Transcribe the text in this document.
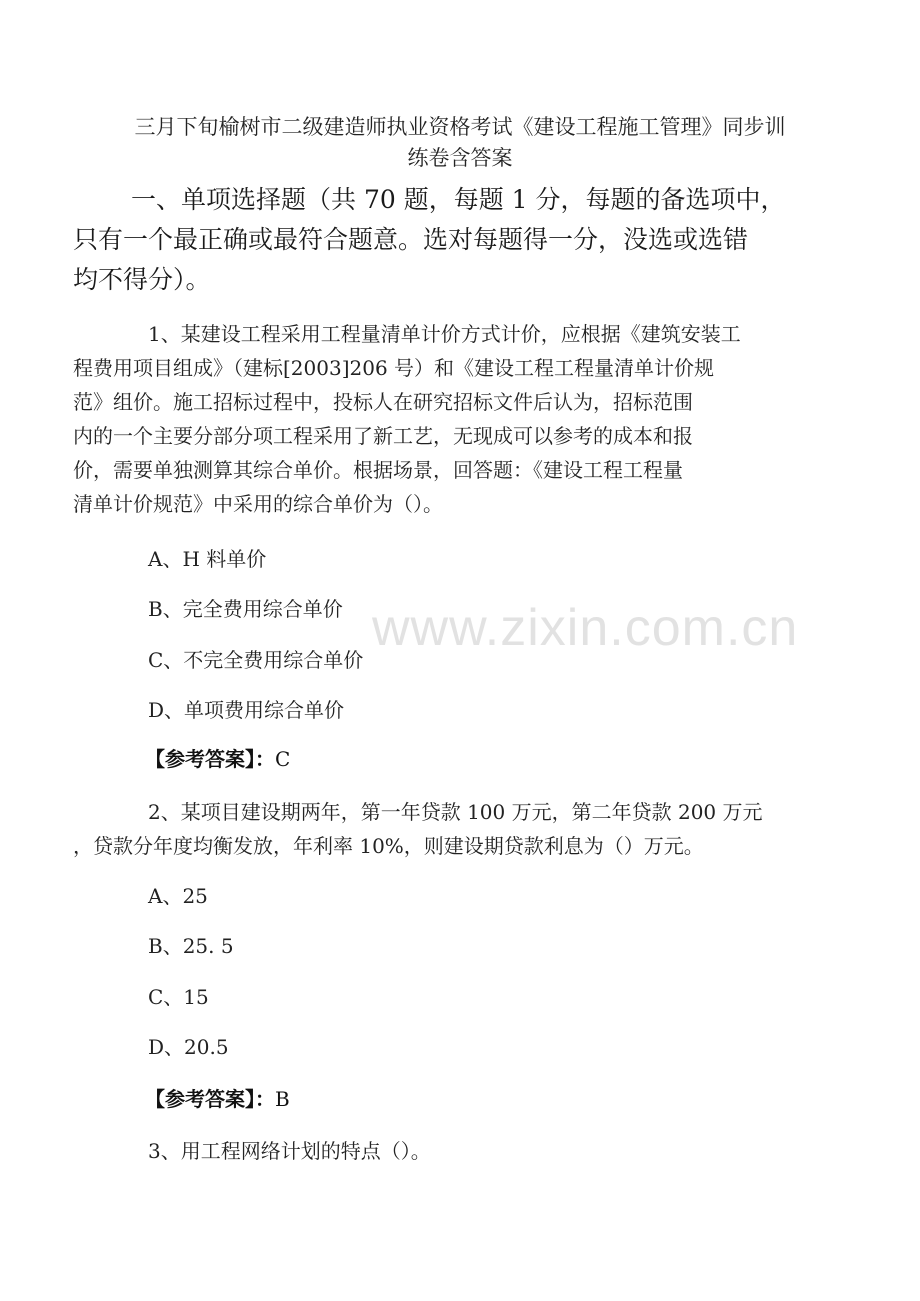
三月下旬榆树市二级建造师执业资格考试《建设工程施工管理》同步训
练卷含答案
一、单项选择题（共 70 题，每题 1 分，每题的备选项中，
只有一个最正确或最符合题意。选对每题得一分，没选或选错
均不得分）。
1、某建设工程采用工程量清单计价方式计价，应根据《建筑安装工
程费用项目组成》（建标[2003]206 号）和《建设工程工程量清单计价规
范》组价。施工招标过程中，投标人在研究招标文件后认为，招标范围
内的一个主要分部分项工程采用了新工艺，无现成可以参考的成本和报
价，需要单独测算其综合单价。根据场景，回答题：《建设工程工程量
清单计价规范》中采用的综合单价为（）。
A、H 料单价
B、完全费用综合单价
C、不完全费用综合单价
D、单项费用综合单价
【参考答案】：C
2、某项目建设期两年，第一年贷款 100 万元，第二年贷款 200 万元
，贷款分年度均衡发放，年利率 10%，则建设期贷款利息为（）万元。
A、25
B、25. 5
C、15
D、20.5
【参考答案】：B
3、用工程网络计划的特点（）。
www.zixin.com.cn
